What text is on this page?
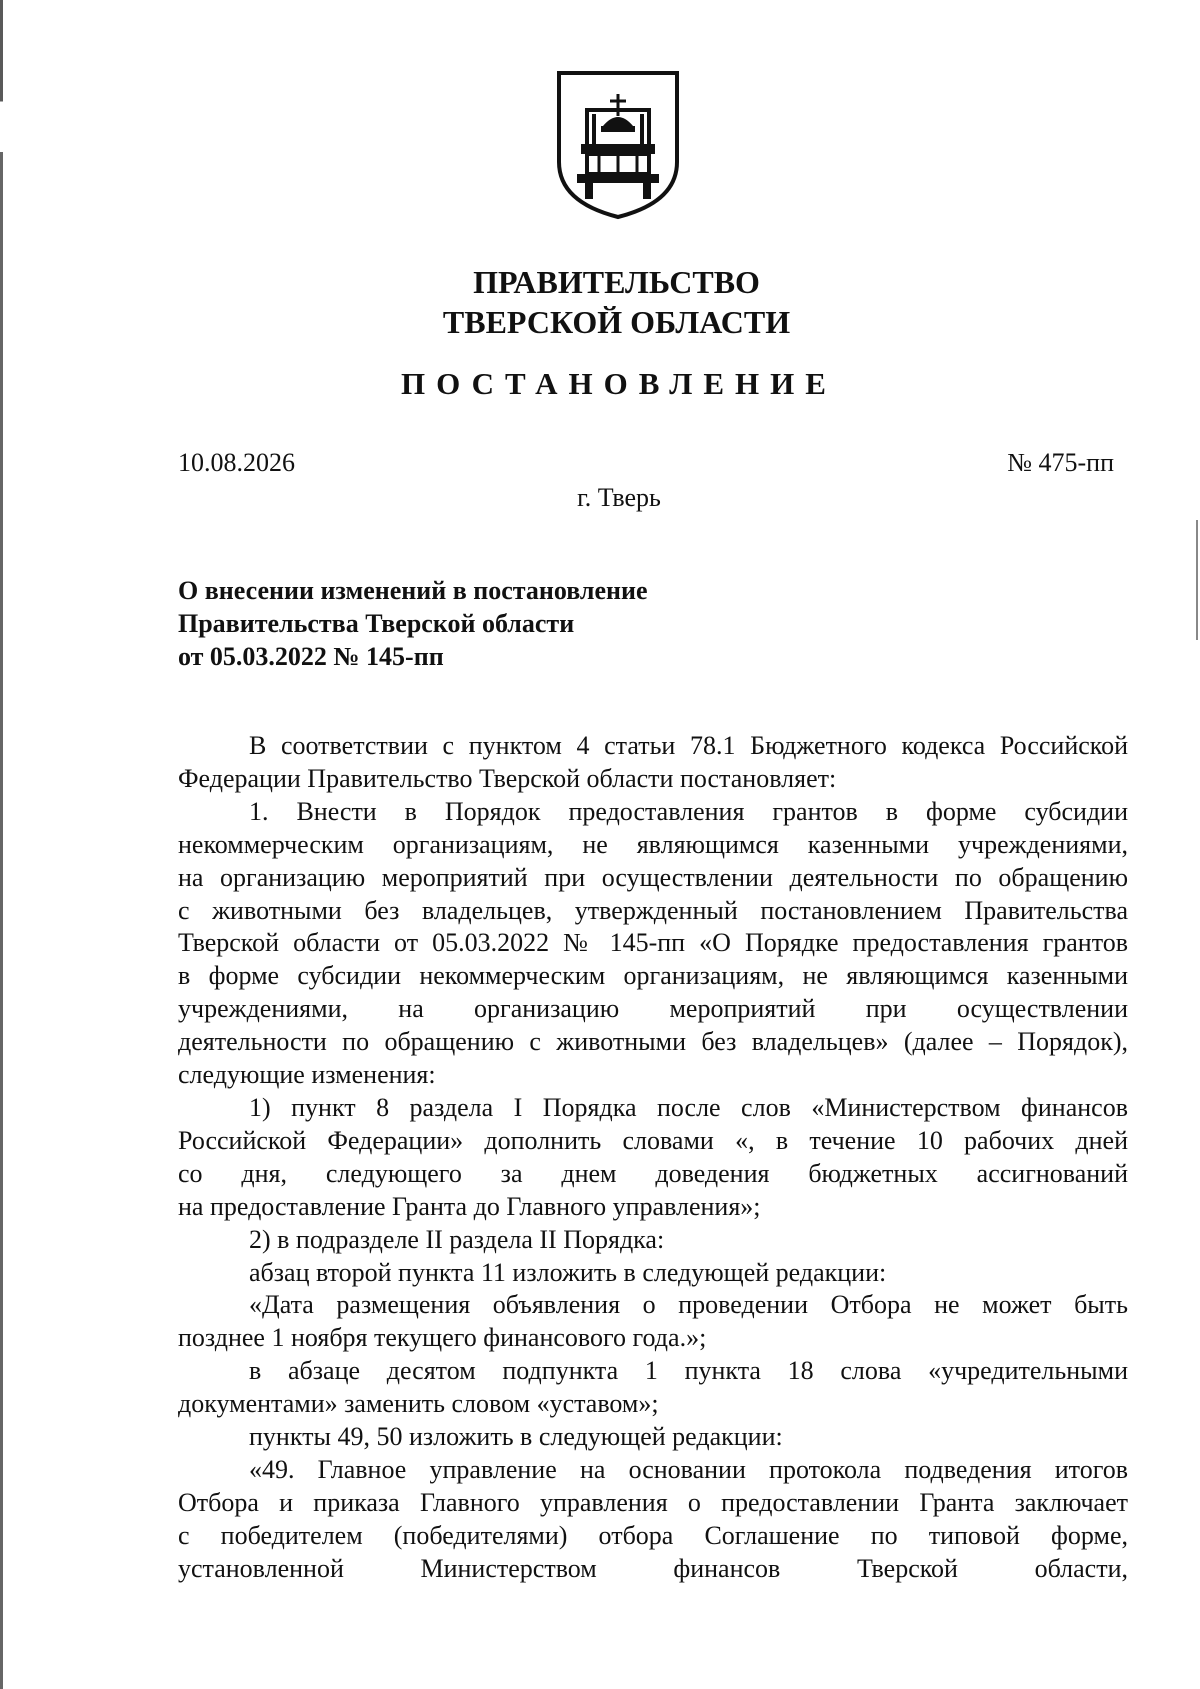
ПРАВИТЕЛЬСТВО
ТВЕРСКОЙ ОБЛАСТИ
ПОСТАНОВЛЕНИЕ
10.08.2026	№ 475-пп
г. Тверь
О внесении изменений в постановление
Правительства Тверской области
от 05.03.2022 № 145-пп

В соответствии с пунктом 4 статьи 78.1 Бюджетного кодекса Российской

Федерации Правительство Тверской области постановляет:

1. Внести в Порядок предоставления грантов в форме субсидии

некоммерческим организациям, не являющимся казенными учреждениями,

на организацию мероприятий при осуществлении деятельности по обращению

с животными без владельцев, утвержденный постановлением Правительства

Тверской области от 05.03.2022 № 145-пп «О Порядке предоставления грантов

в форме субсидии некоммерческим организациям, не являющимся казенными

учреждениями, на организацию мероприятий при осуществлении

деятельности по обращению с животными без владельцев» (далее – Порядок),

следующие изменения:

1) пункт 8 раздела I Порядка после слов «Министерством финансов

Российской Федерации» дополнить словами «, в течение 10 рабочих дней

со дня, следующего за днем доведения бюджетных ассигнований

на предоставление Гранта до Главного управления»;

2) в подразделе II раздела II Порядка:

абзац второй пункта 11 изложить в следующей редакции:

«Дата размещения объявления о проведении Отбора не может быть

позднее 1 ноября текущего финансового года.»;

в абзаце десятом подпункта 1 пункта 18 слова «учредительными

документами» заменить словом «уставом»;

пункты 49, 50 изложить в следующей редакции:

«49. Главное управление на основании протокола подведения итогов

Отбора и приказа Главного управления о предоставлении Гранта заключает

с победителем (победителями) отбора Соглашение по типовой форме,

установленной Министерством финансов Тверской области,
